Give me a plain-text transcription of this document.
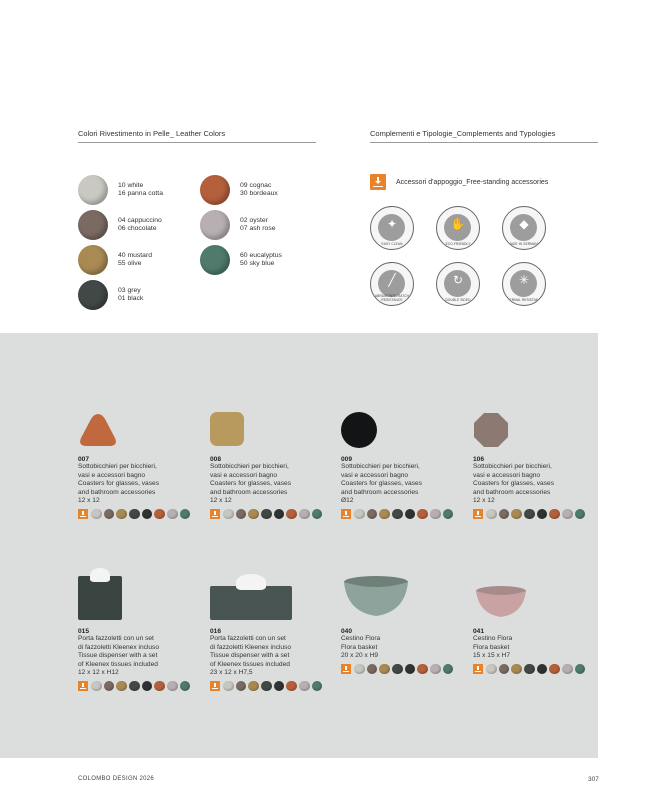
Colori Rivestimento in Pelle_ Leather Colors
10 white
16 panna cotta
04 cappuccino
06 chocolate
40 mustard
55 olive
03 grey
01 black
09 cognac
30 bordeaux
02 oyster
07 ash rose
60 eucalyptus
50 sky blue
Complementi e Tipologie_Complements and Typologies
Accessori d'appoggio_Free-standing accessories
✦
EASY CLEAN
✋
ECO-FRIENDLY
◆
MADE IN GERMANY
╱
ABRASION/SCRATCH RESISTANCE
↻
DOUBLE SIDED
✳
THERMAL RESISTANCE
007
Sottobicchieri per bicchieri,
vasi e accessori bagno
Coasters for glasses, vases
and bathroom accessories
12 x 12
008
Sottobicchieri per bicchieri,
vasi e accessori bagno
Coasters for glasses, vases
and bathroom accessories
12 x 12
009
Sottobicchieri per bicchieri,
vasi e accessori bagno
Coasters for glasses, vases
and bathroom accessories
Ø12
106
Sottobicchieri per bicchieri,
vasi e accessori bagno
Coasters for glasses, vases
and bathroom accessories
12 x 12
015
Porta fazzoletti con un set
di fazzoletti Kleenex incluso
Tissue dispenser with a set
of Kleenex tissues included
12 x 12 x H12
016
Porta fazzoletti con un set
di fazzoletti Kleenex incluso
Tissue dispenser with a set
of Kleenex tissues included
23 x 12 x H7,5
040
Cestino Flora
Flora basket
20 x 20 x H9
041
Cestino Flora
Flora basket
15 x 15 x H7
COLOMBO DESIGN 2026	307
